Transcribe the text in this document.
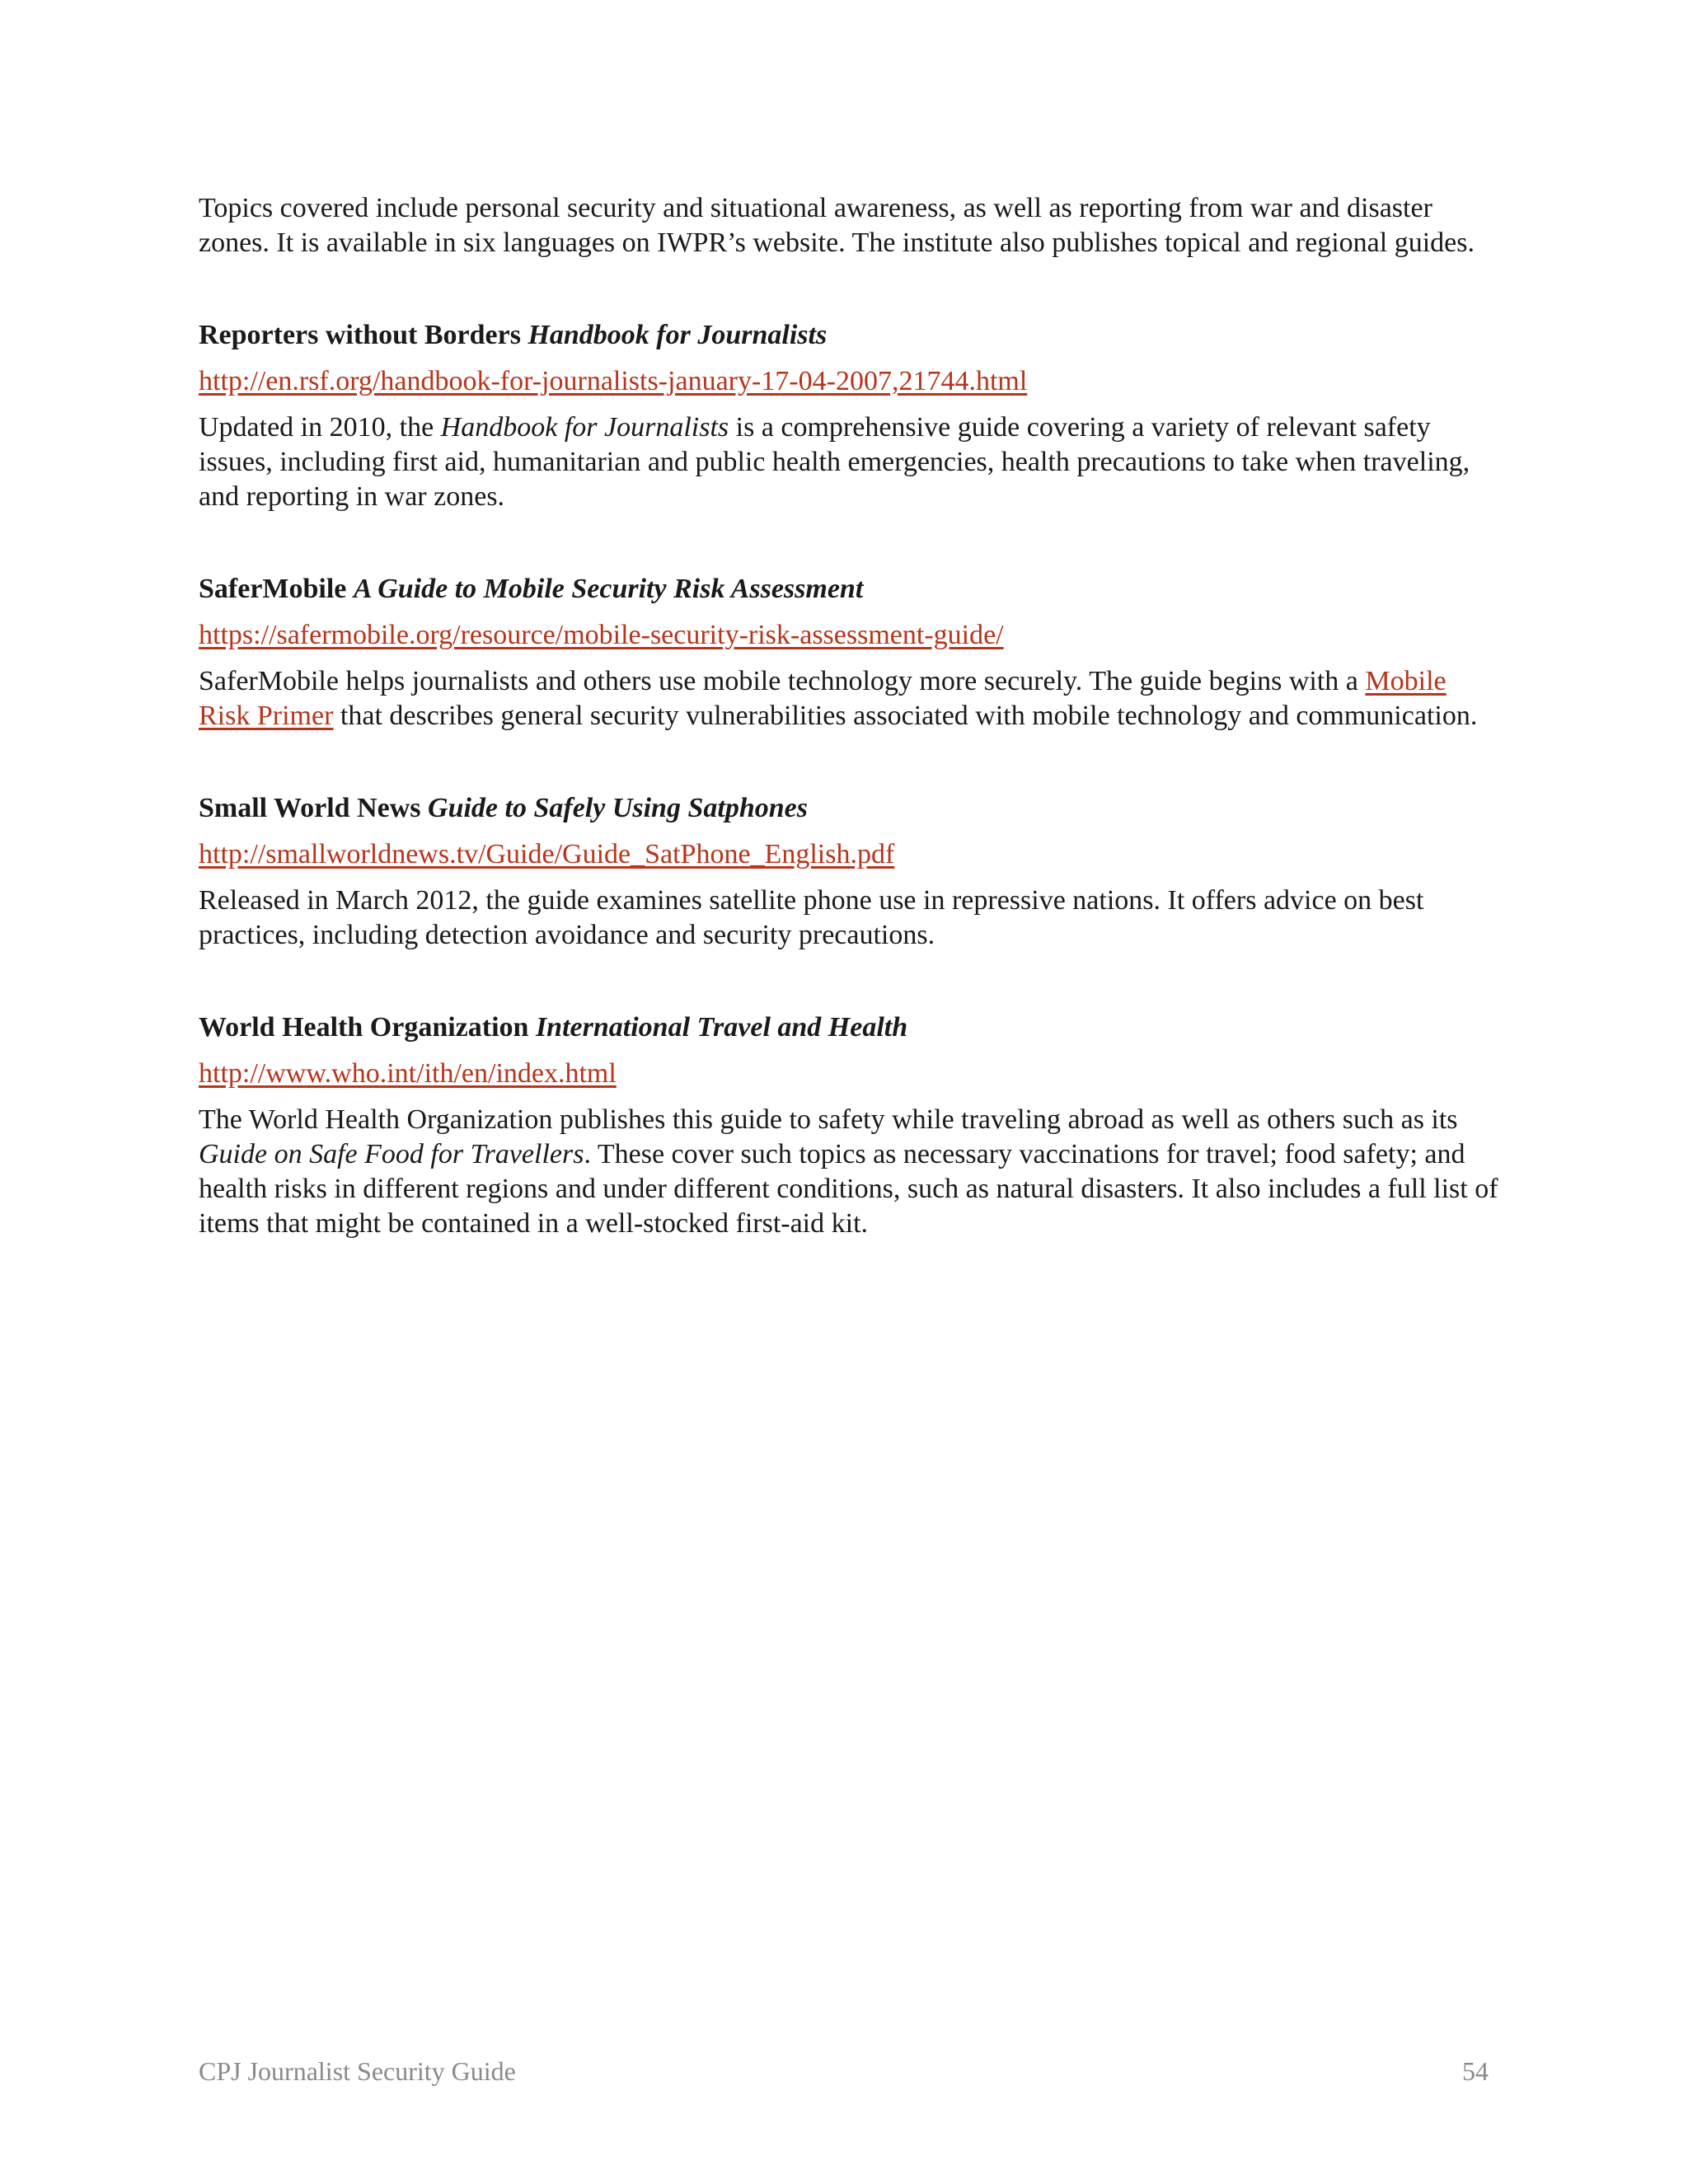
Topics covered include personal security and situational awareness, as well as reporting from war and disaster zones. It is available in six languages on IWPR’s website. The institute also publishes topical and regional guides.

Reporters without Borders Handbook for Journalists

http://en.rsf.org/handbook-for-journalists-january-17-04-2007,21744.html

Updated in 2010, the Handbook for Journalists is a comprehensive guide covering a variety of relevant safety issues, including first aid, humanitarian and public health emergencies, health precautions to take when traveling, and reporting in war zones.

SaferMobile A Guide to Mobile Security Risk Assessment

https://safermobile.org/resource/mobile-security-risk-assessment-guide/

SaferMobile helps journalists and others use mobile technology more securely. The guide begins with a Mobile Risk Primer that describes general security vulnerabilities associated with mobile technology and communication.

Small World News Guide to Safely Using Satphones

http://smallworldnews.tv/Guide/Guide_SatPhone_English.pdf

Released in March 2012, the guide examines satellite phone use in repressive nations. It offers advice on best practices, including detection avoidance and security precautions.

World Health Organization International Travel and Health

http://www.who.int/ith/en/index.html

The World Health Organization publishes this guide to safety while traveling abroad as well as others such as its Guide on Safe Food for Travellers. These cover such topics as necessary vaccinations for travel; food safety; and health risks in different regions and under different conditions, such as natural disasters. It also includes a full list of items that might be contained in a well-stocked first-aid kit.

CPJ Journalist Security Guide	54
